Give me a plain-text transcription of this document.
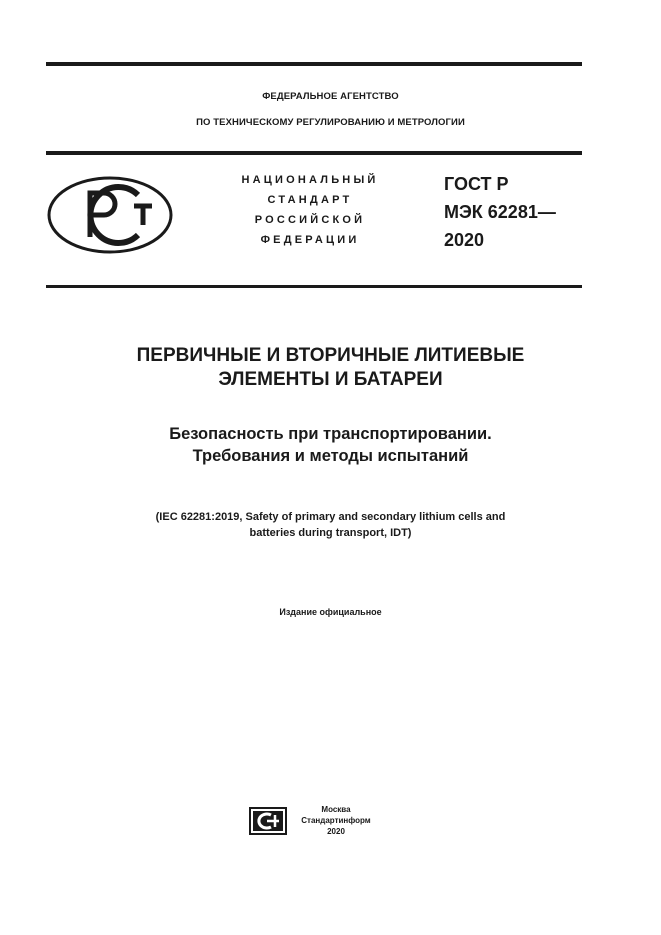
ФЕДЕРАЛЬНОЕ АГЕНТСТВО
ПО ТЕХНИЧЕСКОМУ РЕГУЛИРОВАНИЮ И МЕТРОЛОГИИ
НАЦИОНАЛЬНЫЙ
СТАНДАРТ
РОССИЙСКОЙ
ФЕДЕРАЦИИ
ГОСТ Р
МЭК 62281—
2020
ПЕРВИЧНЫЕ И ВТОРИЧНЫЕ ЛИТИЕВЫЕ
ЭЛЕМЕНТЫ И БАТАРЕИ
Безопасность при транспортировании.
Требования и методы испытаний
(IEC 62281:2019, Safety of primary and secondary lithium cells and
batteries during transport, IDT)
Издание официальное
Москва
Стандартинформ
2020
